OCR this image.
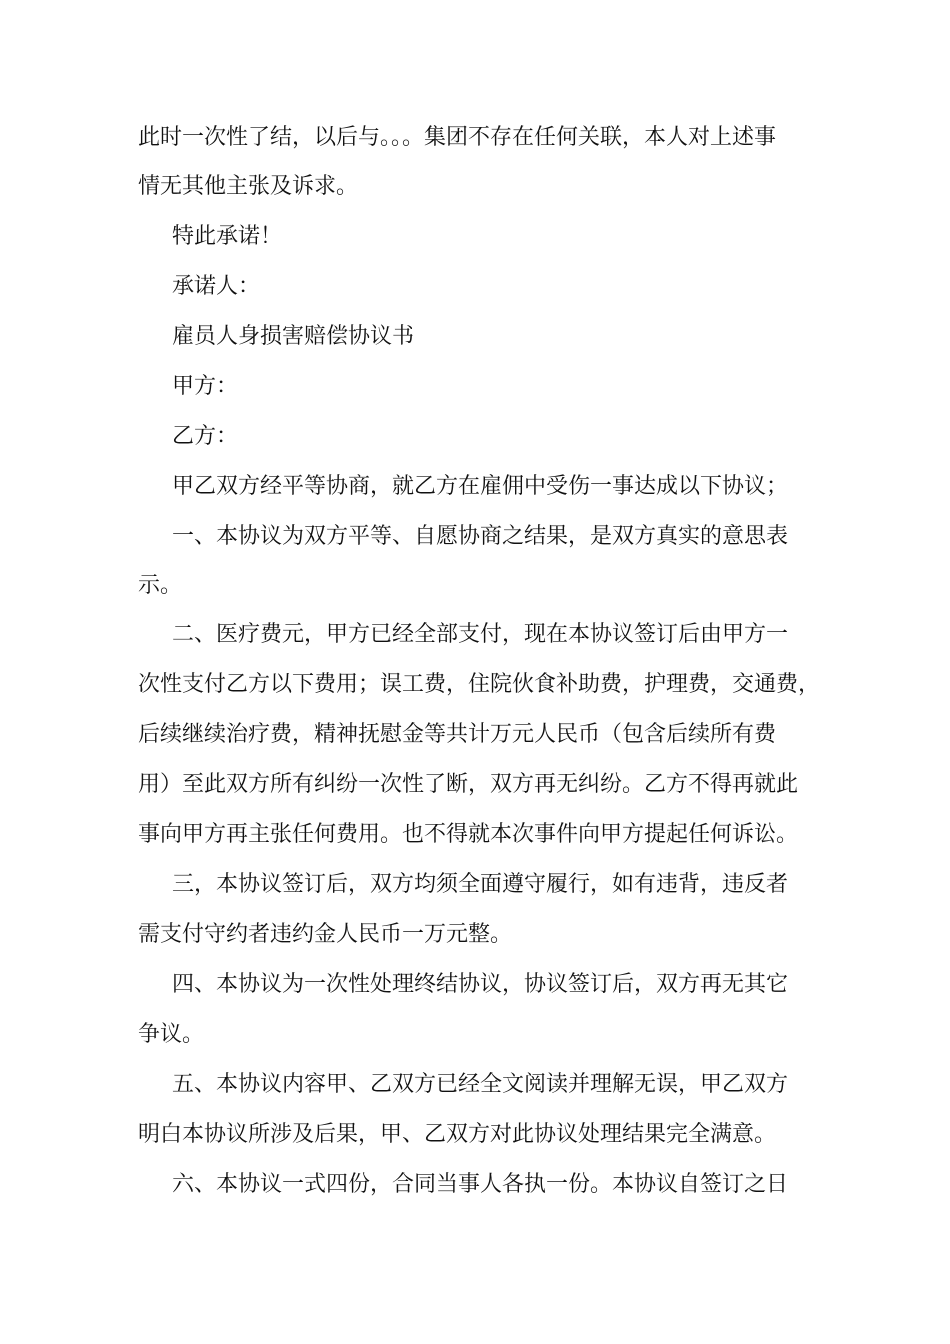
此时一次性了结，以后与。。。集团不存在任何关联，本人对上述事
情无其他主张及诉求。
特此承诺！
承诺人：
雇员人身损害赔偿协议书
甲方：
乙方：
甲乙双方经平等协商，就乙方在雇佣中受伤一事达成以下协议；
一、本协议为双方平等、自愿协商之结果，是双方真实的意思表
示。
二、医疗费元，甲方已经全部支付，现在本协议签订后由甲方一
次性支付乙方以下费用；误工费，住院伙食补助费，护理费，交通费，
后续继续治疗费，精神抚慰金等共计万元人民币（包含后续所有费
用）至此双方所有纠纷一次性了断，双方再无纠纷。乙方不得再就此
事向甲方再主张任何费用。也不得就本次事件向甲方提起任何诉讼。
三，本协议签订后，双方均须全面遵守履行，如有违背，违反者
需支付守约者违约金人民币一万元整。
四、本协议为一次性处理终结协议，协议签订后，双方再无其它
争议。
五、本协议内容甲、乙双方已经全文阅读并理解无误，甲乙双方
明白本协议所涉及后果，甲、乙双方对此协议处理结果完全满意。
六、本协议一式四份，合同当事人各执一份。本协议自签订之日
